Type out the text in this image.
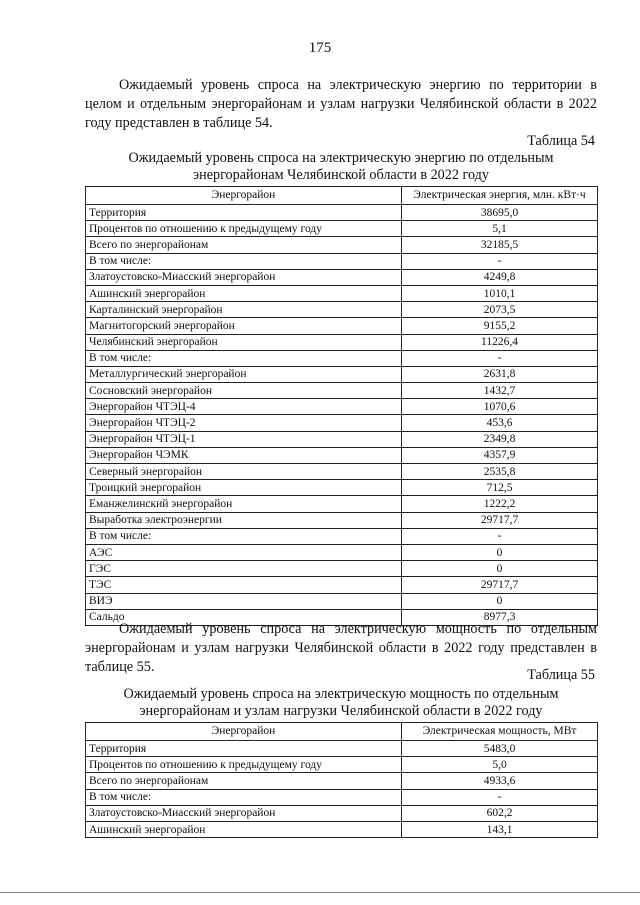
175

Ожидаемый уровень спроса на электрическую энергию по территории в целом и отдельным энергорайонам и узлам нагрузки Челябинской области в 2022 году представлен в таблице 54.

Таблица 54
Ожидаемый уровень спроса на электрическую энергию по отдельным
энергорайонам Челябинской области в 2022 году
Энергорайон	Электрическая энергия, млн. кВт·ч
Территория	38695,0
Процентов по отношению к предыдущему году	5,1
Всего по энергорайонам	32185,5
В том числе:	-
Златоустовско-Миасский энергорайон	4249,8
Ашинский энергорайон	1010,1
Карталинский энергорайон	2073,5
Магнитогорский энергорайон	9155,2
Челябинский энергорайон	11226,4
В том числе:	-
Металлургический энергорайон	2631,8
Сосновский энергорайон	1432,7
Энергорайон ЧТЭЦ-4	1070,6
Энергорайон ЧТЭЦ-2	453,6
Энергорайон ЧТЭЦ-1	2349,8
Энергорайон ЧЭМК	4357,9
Северный энергорайон	2535,8
Троицкий энергорайон	712,5
Еманжелинский энергорайон	1222,2
Выработка электроэнергии	29717,7
В том числе:	-
АЭС	0
ГЭС	0
ТЭС	29717,7
ВИЭ	0
Сальдо	8977,3

Ожидаемый уровень спроса на электрическую мощность по отдельным энергорайонам и узлам нагрузки Челябинской области в 2022 году представлен в таблице 55.	Таблица 55
Ожидаемый уровень спроса на электрическую мощность по отдельным
энергорайонам и узлам нагрузки Челябинской области в 2022 году
Энергорайон	Электрическая мощность, МВт
Территория	5483,0
Процентов по отношению к предыдущему году	5,0
Всего по энергорайонам	4933,6
В том числе:	-
Златоустовско-Миасский энергорайон	602,2
Ашинский энергорайон	143,1
